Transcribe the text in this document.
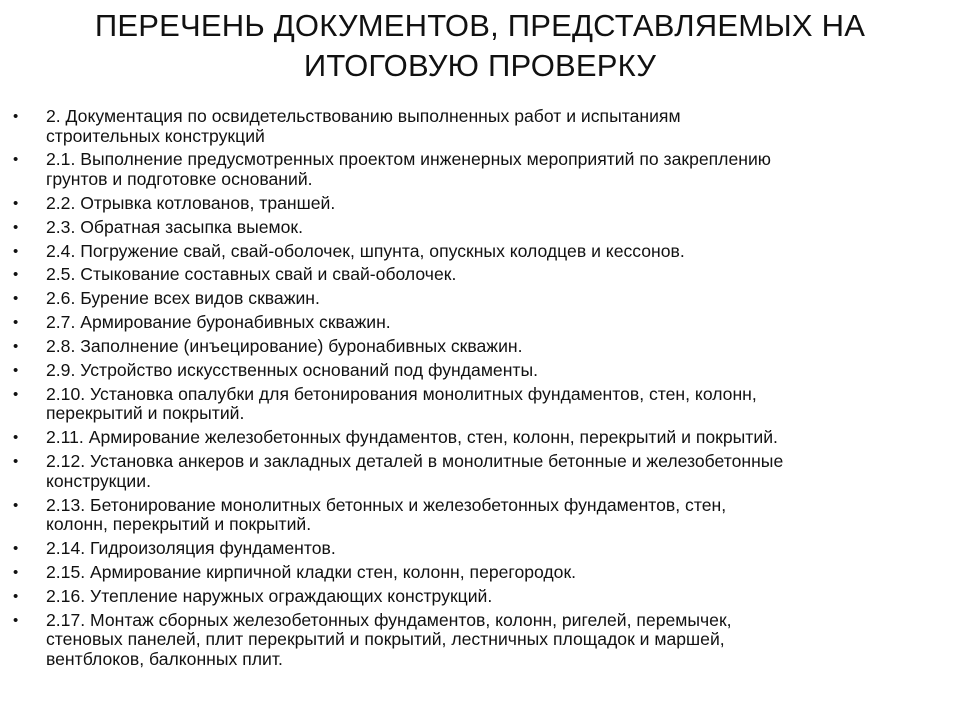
ПЕРЕЧЕНЬ ДОКУМЕНТОВ, ПРЕДСТАВЛЯЕМЫХ НА
ИТОГОВУЮ ПРОВЕРКУ
• 2. Документация по освидетельствованию выполненных работ и испытаниям
строительных конструкций
• 2.1. Выполнение предусмотренных проектом инженерных мероприятий по закреплению
грунтов и подготовке оснований.
• 2.2. Отрывка котлованов, траншей.
• 2.3. Обратная засыпка выемок.
• 2.4. Погружение свай, свай-оболочек, шпунта, опускных колодцев и кессонов.
• 2.5. Стыкование составных свай и свай-оболочек.
• 2.6. Бурение всех видов скважин.
• 2.7. Армирование буронабивных скважин.
• 2.8. Заполнение (инъецирование) буронабивных скважин.
• 2.9. Устройство искусственных оснований под фундаменты.
• 2.10. Установка опалубки для бетонирования монолитных фундаментов, стен, колонн,
перекрытий и покрытий.
• 2.11. Армирование железобетонных фундаментов, стен, колонн, перекрытий и покрытий.
• 2.12. Установка анкеров и закладных деталей в монолитные бетонные и железобетонные
конструкции.
• 2.13. Бетонирование монолитных бетонных и железобетонных фундаментов, стен,
колонн, перекрытий и покрытий.
• 2.14. Гидроизоляция фундаментов.
• 2.15. Армирование кирпичной кладки стен, колонн, перегородок.
• 2.16. Утепление наружных ограждающих конструкций.
• 2.17. Монтаж сборных железобетонных фундаментов, колонн, ригелей, перемычек,
стеновых панелей, плит перекрытий и покрытий, лестничных площадок и маршей,
вентблоков, балконных плит.
